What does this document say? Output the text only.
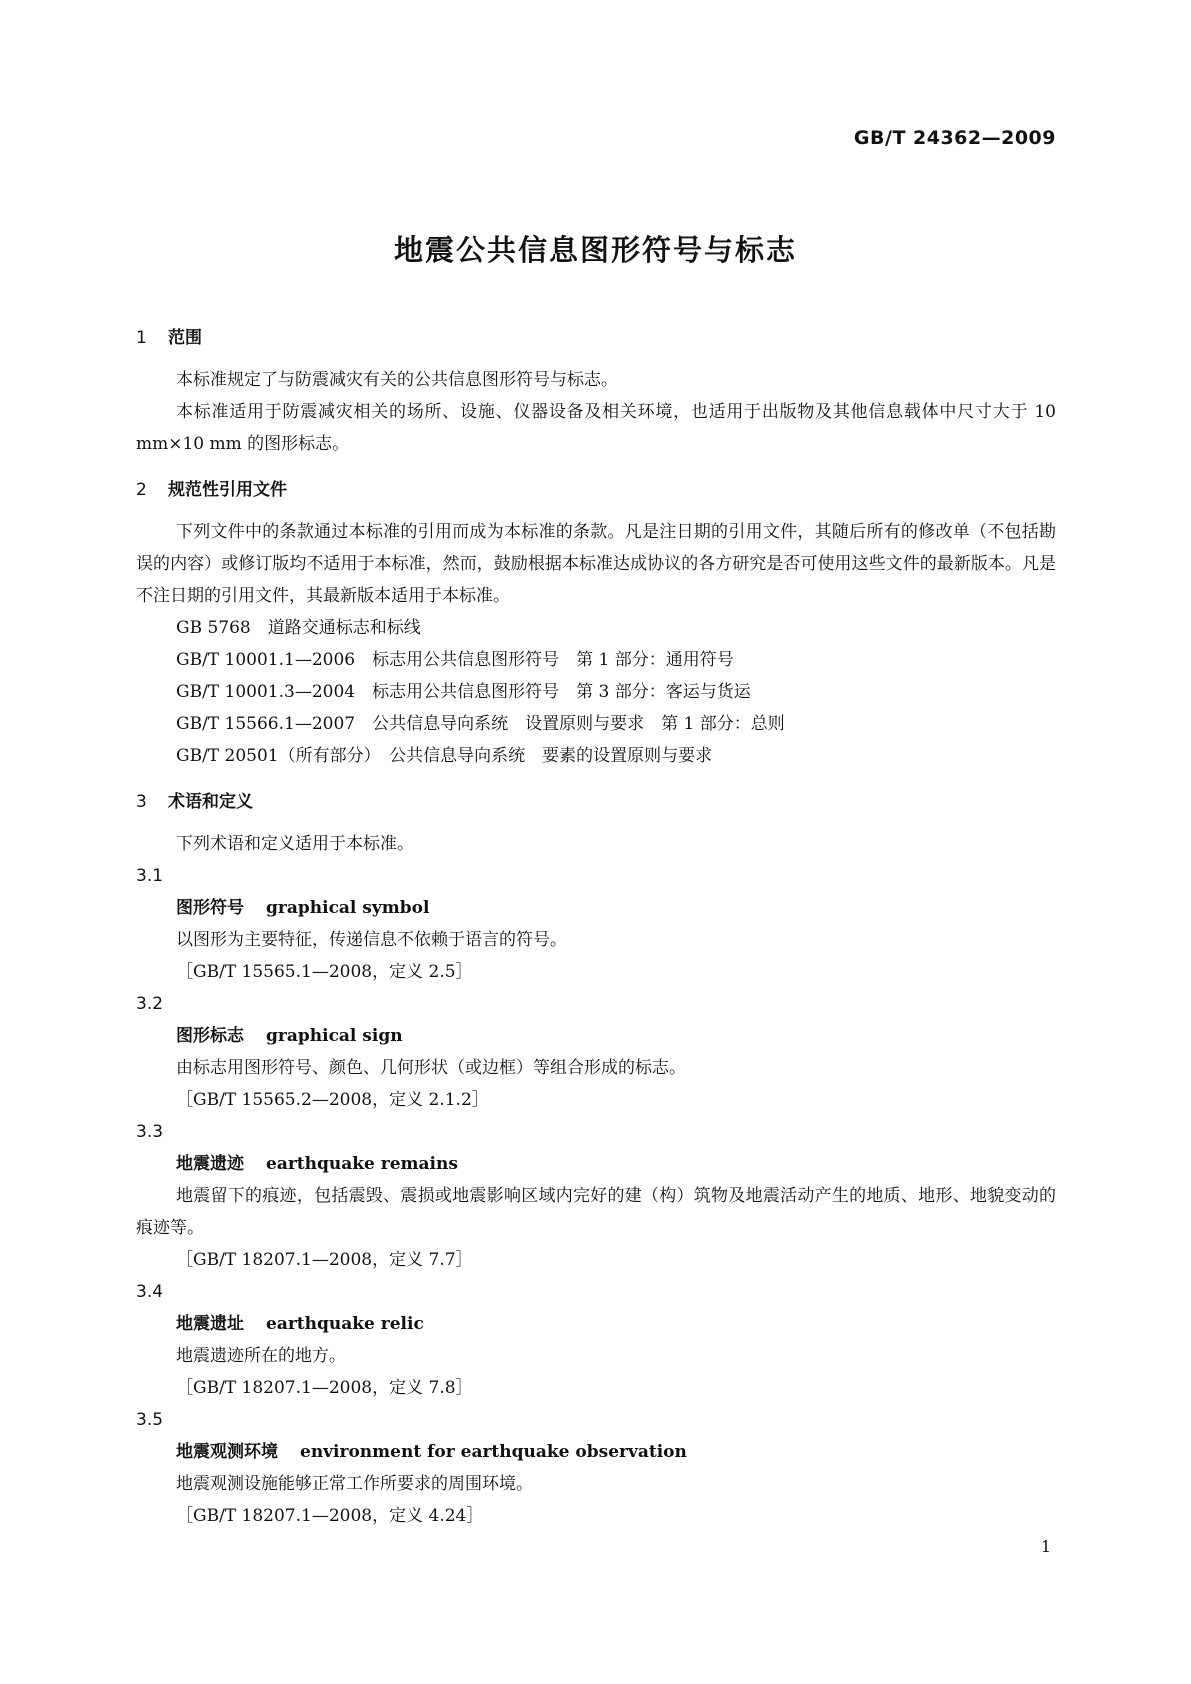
GB/T 24362—2009
地震公共信息图形符号与标志
1 范围

本标准规定了与防震减灾有关的公共信息图形符号与标志。

本标准适用于防震减灾相关的场所、设施、仪器设备及相关环境，也适用于出版物及其他信息载体中尺寸大于 10 mm×10 mm 的图形标志。

2 规范性引用文件

下列文件中的条款通过本标准的引用而成为本标准的条款。凡是注日期的引用文件，其随后所有的修改单（不包括勘误的内容）或修订版均不适用于本标准，然而，鼓励根据本标准达成协议的各方研究是否可使用这些文件的最新版本。凡是不注日期的引用文件，其最新版本适用于本标准。

GB 5768　道路交通标志和标线

GB/T 10001.1—2006　标志用公共信息图形符号　第 1 部分：通用符号

GB/T 10001.3—2004　标志用公共信息图形符号　第 3 部分：客运与货运

GB/T 15566.1—2007　公共信息导向系统　设置原则与要求　第 1 部分：总则

GB/T 20501（所有部分）　公共信息导向系统　要素的设置原则与要求

3 术语和定义

下列术语和定义适用于本标准。

3.1
图形符号 graphical symbol

以图形为主要特征，传递信息不依赖于语言的符号。

［GB/T 15565.1—2008，定义 2.5］

3.2
图形标志 graphical sign

由标志用图形符号、颜色、几何形状（或边框）等组合形成的标志。

［GB/T 15565.2—2008，定义 2.1.2］

3.3
地震遗迹 earthquake remains

地震留下的痕迹，包括震毁、震损或地震影响区域内完好的建（构）筑物及地震活动产生的地质、地形、地貌变动的痕迹等。

［GB/T 18207.1—2008，定义 7.7］

3.4
地震遗址 earthquake relic

地震遗迹所在的地方。

［GB/T 18207.1—2008，定义 7.8］

3.5
地震观测环境 environment for earthquake observation

地震观测设施能够正常工作所要求的周围环境。

［GB/T 18207.1—2008，定义 4.24］

1
